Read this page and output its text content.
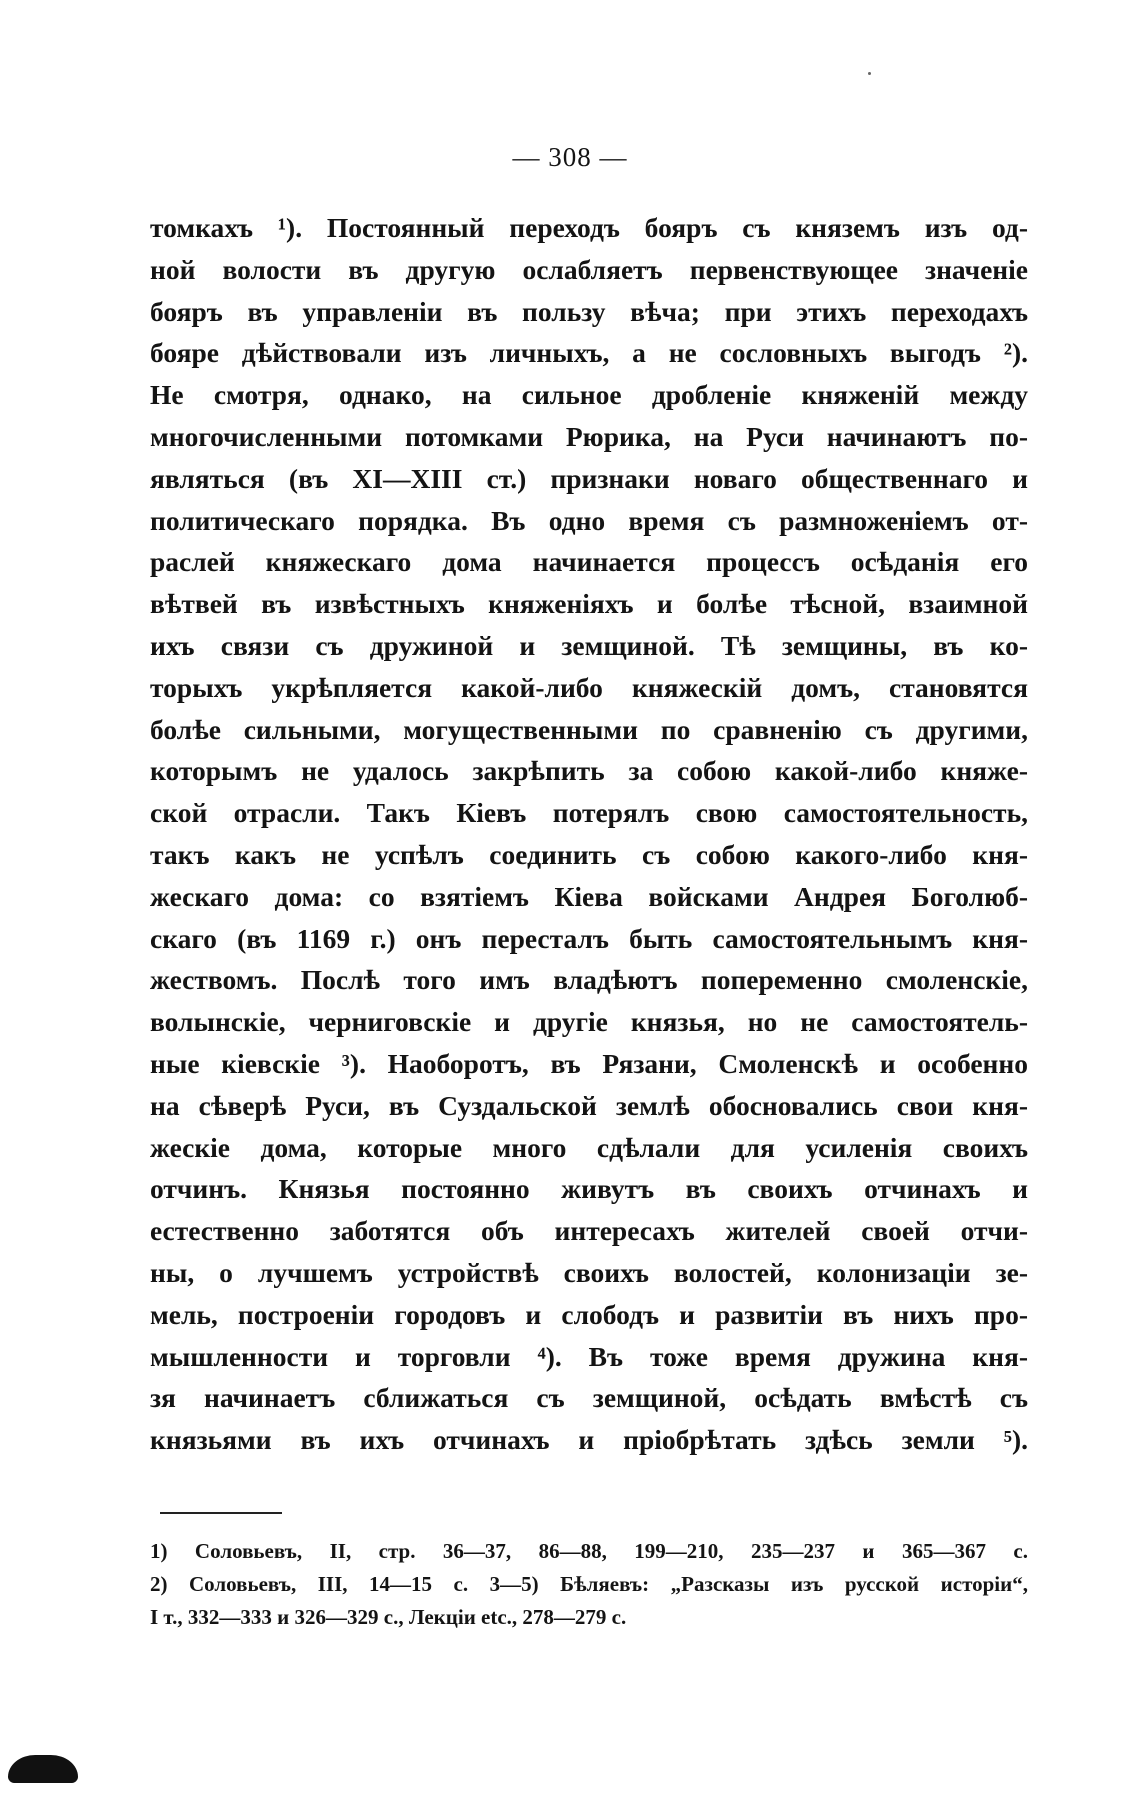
— 308 —
томкахъ ¹). Постоянный переходъ бояръ съ княземъ изъ од-
ной волости въ другую ослабляетъ первенствующее значеніе
бояръ въ управленіи въ пользу вѣча; при этихъ переходахъ
бояре дѣйствовали изъ личныхъ, а не сословныхъ выгодъ ²).
Не смотря, однако, на сильное дробленіе княженій между
многочисленными потомками Рюрика, на Руси начинаютъ по-
являться (въ XI—XIII ст.) признаки новаго общественнаго и
политическаго порядка. Въ одно время съ размноженіемъ от-
раслей княжескаго дома начинается процессъ осѣданія его
вѣтвей въ извѣстныхъ княженіяхъ и болѣе тѣсной, взаимной
ихъ связи съ дружиной и земщиной. Тѣ земщины, въ ко-
торыхъ укрѣпляется какой-либо княжескій домъ, становятся
болѣе сильными, могущественными по сравненію съ другими,
которымъ не удалось закрѣпить за собою какой-либо княже-
ской отрасли. Такъ Кіевъ потерялъ свою самостоятельность,
такъ какъ не успѣлъ соединить съ собою какого-либо кня-
жескаго дома: со взятіемъ Кіева войсками Андрея Боголюб-
скаго (въ 1169 г.) онъ пересталъ быть самостоятельнымъ кня-
жествомъ. Послѣ того имъ владѣютъ попеременно смоленскіе,
волынскіе, черниговскіе и другіе князья, но не самостоятель-
ные кіевскіе ³). Наоборотъ, въ Рязани, Смоленскѣ и особенно
на сѣверѣ Руси, въ Суздальской землѣ обосновались свои кня-
жескіе дома, которые много сдѣлали для усиленія своихъ
отчинъ. Князья постоянно живутъ въ своихъ отчинахъ и
естественно заботятся объ интересахъ жителей своей отчи-
ны, о лучшемъ устройствѣ своихъ волостей, колонизаціи зе-
мель, построеніи городовъ и слободъ и развитіи въ нихъ про-
мышленности и торговли ⁴). Въ тоже время дружина кня-
зя начинаетъ сближаться съ земщиной, осѣдать вмѣстѣ съ
князьями въ ихъ отчинахъ и пріобрѣтать здѣсь земли ⁵).
1) Соловьевъ, II, стр. 36—37, 86—88, 199—210, 235—237 и 365—367 с.
2) Соловьевъ, III, 14—15 с. 3—5) Бѣляевъ: „Разсказы изъ русской исторіи“,
I т., 332—333 и 326—329 с., Лекціи etc., 278—279 с.
